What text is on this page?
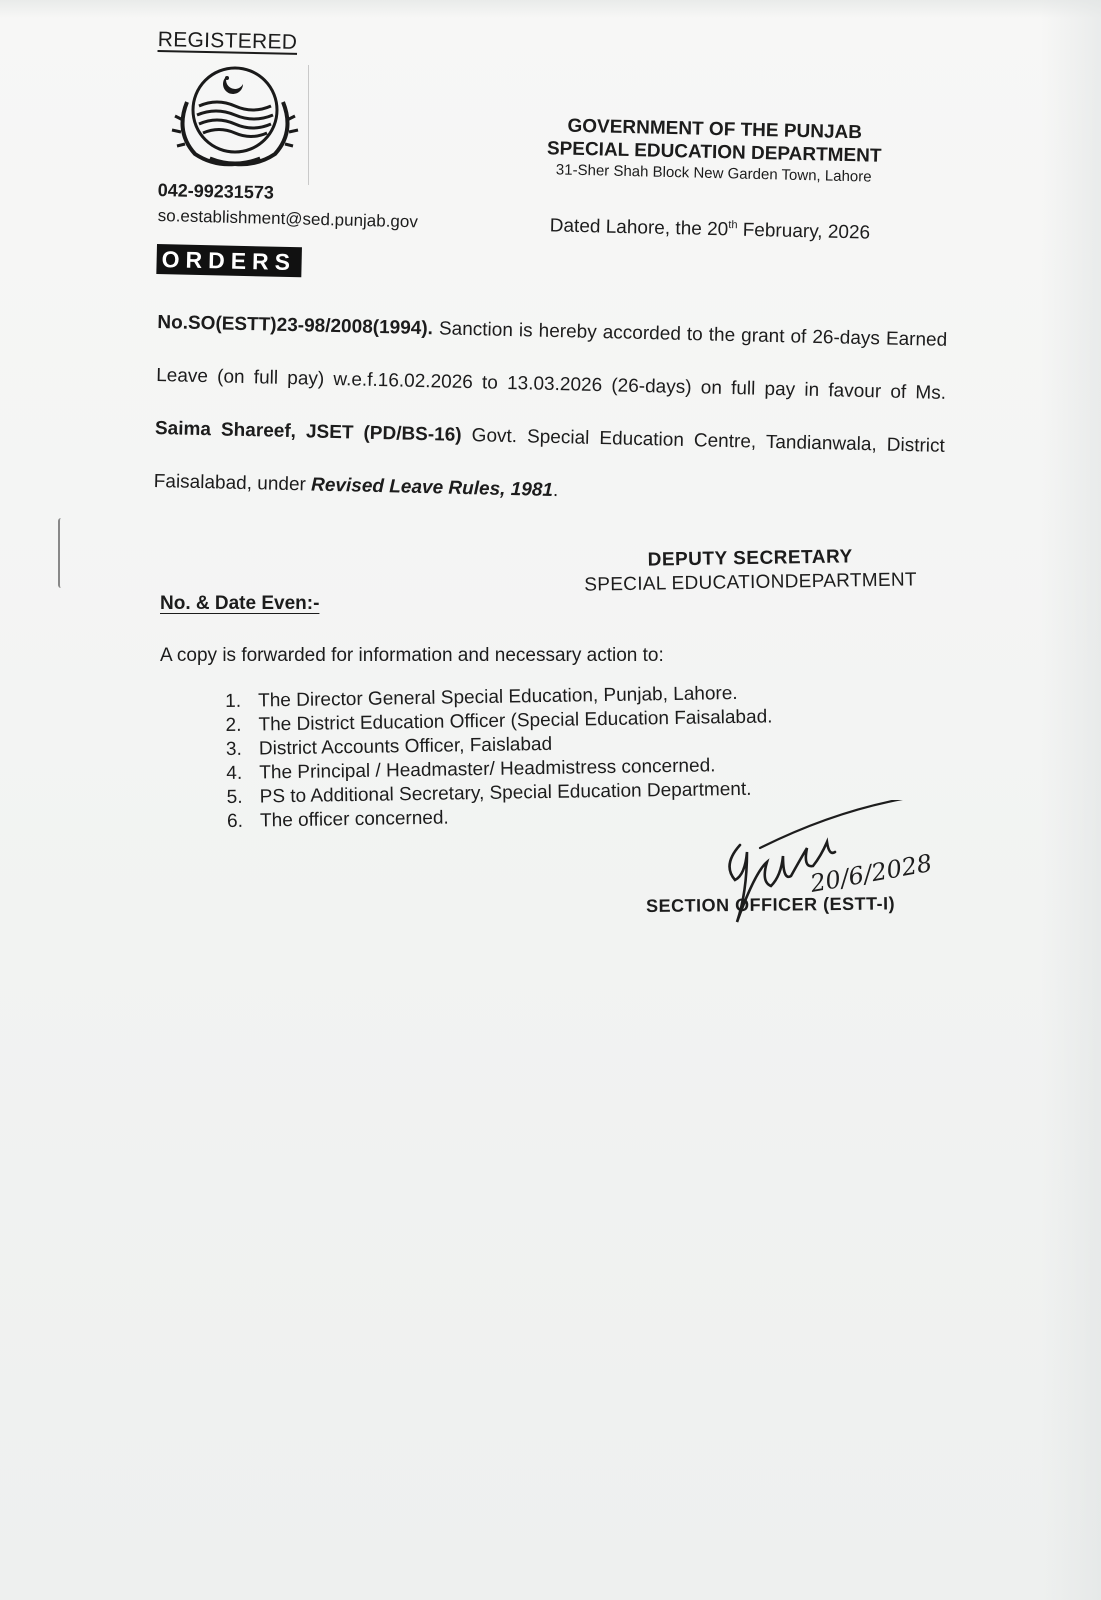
REGISTERED
042-99231573
so.establishment@sed.punjab.gov
ORDERS
GOVERNMENT OF THE PUNJAB
SPECIAL EDUCATION DEPARTMENT
31-Sher Shah Block New Garden Town, Lahore
Dated Lahore, the 20th February, 2026
No.SO(ESTT)23-98/2008(1994). Sanction is hereby accorded to the grant of 26-days Earned Leave (on full pay) w.e.f.16.02.2026 to 13.03.2026 (26-days) on full pay in favour of Ms. Saima Shareef, JSET (PD/BS-16) Govt. Special Education Centre, Tandianwala, District Faisalabad, under Revised Leave Rules, 1981.
DEPUTY SECRETARY
SPECIAL EDUCATIONDEPARTMENT
No. & Date Even:-
A copy is forwarded for information and necessary action to:
1. The Director General Special Education, Punjab, Lahore.
2. The District Education Officer (Special Education Faisalabad.
3. District Accounts Officer, Faislabad
4. The Principal / Headmaster/ Headmistress concerned.
5. PS to Additional Secretary, Special Education Department.
6. The officer concerned.
20/6/2028
SECTION OFFICER (ESTT-I)
